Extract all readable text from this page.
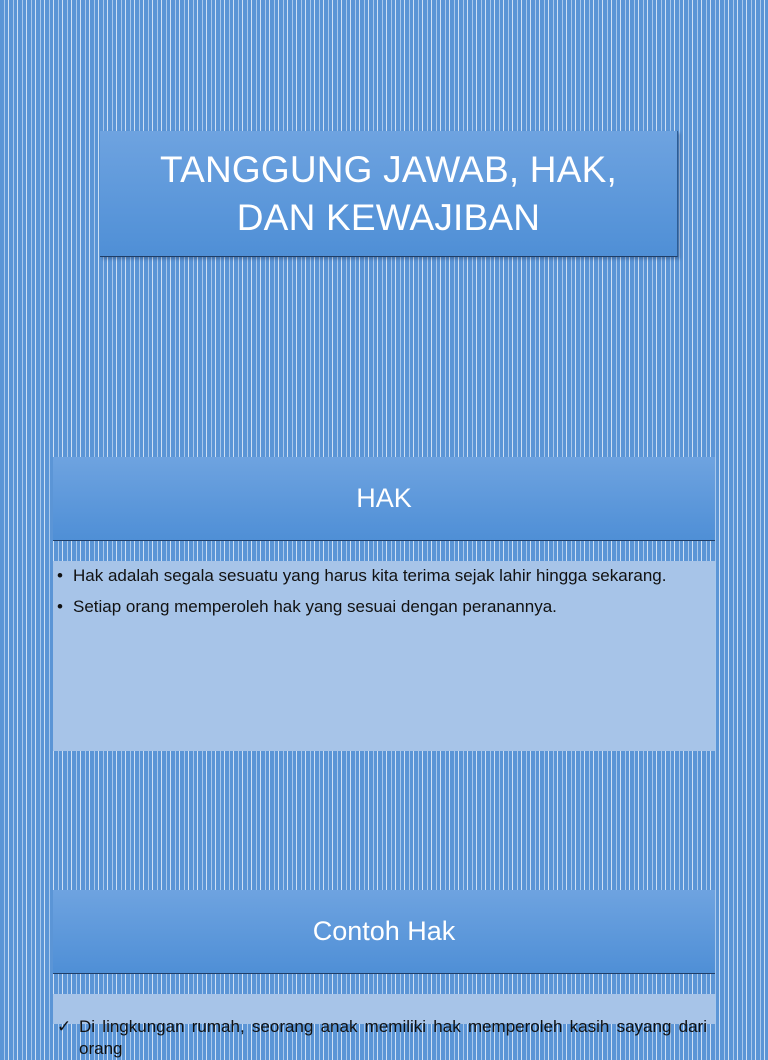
TANGGUNG JAWAB, HAK,
DAN KEWAJIBAN
HAK
• Hak adalah segala sesuatu yang harus kita terima sejak lahir hingga sekarang.
• Setiap orang memperoleh hak yang sesuai dengan peranannya.
Contoh Hak
✓ Di lingkungan rumah, seorang anak memiliki hak memperoleh kasih sayang dari orang
